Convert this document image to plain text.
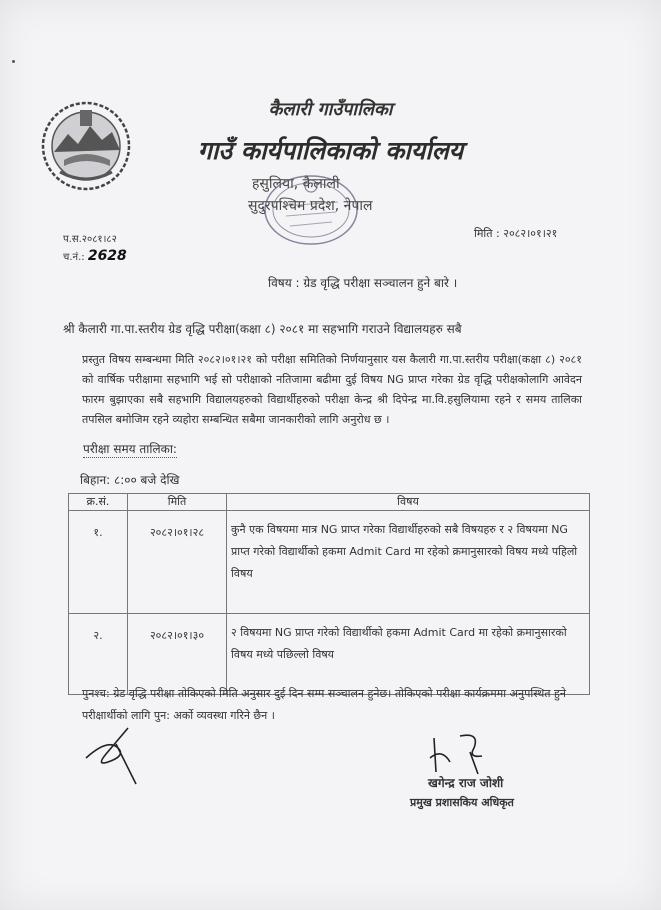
कैलारी गाउँपालिका
गाउँ कार्यपालिकाको कार्यालय
हसुलिया, कैलाली
सुदुरपश्चिम प्रदेश, नेपाल
प.स.२०८१।८२
च.नं.: 2628
मिति : २०८२।०१।२१
विषय : ग्रेड वृद्धि परीक्षा सञ्चालन हुने बारे ।
श्री कैलारी गा.पा.स्तरीय ग्रेड वृद्धि परीक्षा(कक्षा ८) २०८१ मा सहभागि गराउने विद्यालयहरु सबै
प्रस्तुत विषय सम्बन्धमा मिति २०८२।०१।२१ को परीक्षा समितिको निर्णयानुसार यस कैलारी गा.पा.स्तरीय परीक्षा(कक्षा ८) २०८१ को वार्षिक परीक्षामा सहभागि भई सो परीक्षाको नतिजामा बढीमा दुई विषय NG प्राप्त गरेका ग्रेड वृद्धि परीक्षकोलागि आवेदन फारम बुझाएका सबै सहभागि विद्यालयहरुको विद्यार्थीहरुको परीक्षा केन्द्र श्री दिपेन्द्र मा.वि.हसुलियामा रहने र समय तालिका तपसिल बमोजिम रहने व्यहोरा सम्बन्धित सबैमा जानकारीको लागि अनुरोध छ ।
परीक्षा समय तालिका:
बिहान: ८:०० बजे देखि
क्र.सं.	मिति	विषय
१.	२०८२।०१।२८	कुनै एक विषयमा मात्र NG प्राप्त गरेका विद्यार्थीहरुको सबै विषयहरु र २ विषयमा NG प्राप्त गरेको विद्यार्थीको हकमा Admit Card मा रहेको क्रमानुसारको विषय मध्ये पहिलो विषय
२.	२०८२।०१।३०	२ विषयमा NG प्राप्त गरेको विद्यार्थीको हकमा Admit Card मा रहेको क्रमानुसारको विषय मध्ये पछिल्लो विषय
पुनश्च: ग्रेड वृद्धि परीक्षा तोकिएको मिति अनुसार दुई दिन सम्म सञ्चालन हुनेछ। तोकिएको परीक्षा कार्यक्रममा अनुपस्थित हुने परीक्षार्थीको लागि पुन: अर्को व्यवस्था गरिने छैन ।
खगेन्द्र राज जोशी
प्रमुख प्रशासकिय अधिकृत
